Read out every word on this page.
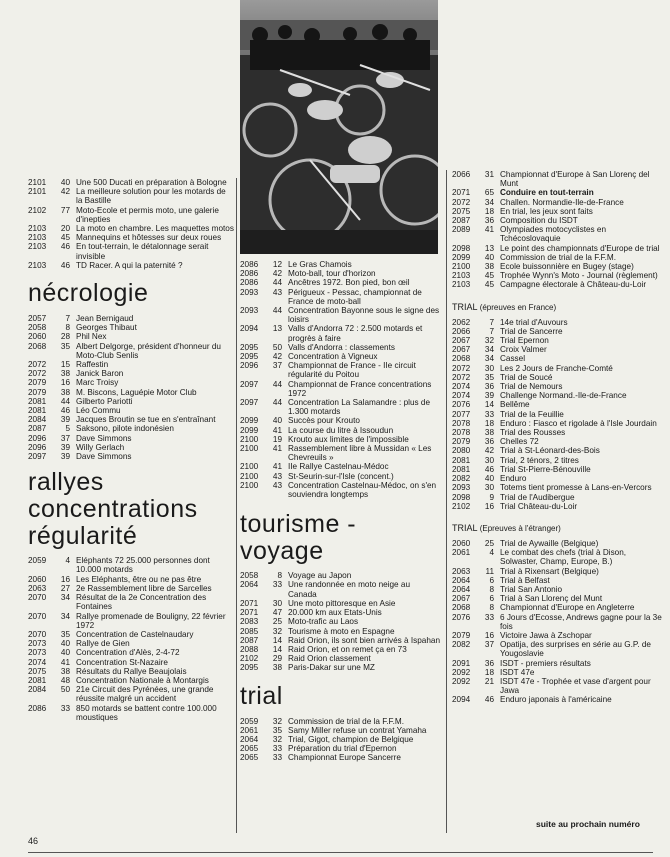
2101	40 Une 500 Ducati en préparation à Bologne
2101	42 La meilleure solution pour les motards de la Bastille
2102	77 Moto-Ecole et permis moto, une galerie d'inepties
2103	20 La moto en chambre. Les maquettes motos
2103	45 Mannequins et hôtesses sur deux roues
2103	46 En tout-terrain, le détalonnage serait invisible
2103	46 TD Racer. A qui la paternité ?
nécrologie
2057	7 Jean Bernigaud
2058	8 Georges Thibaut
2060	28 Phil Nex
2068	35 Albert Delgorge, président d'honneur du Moto-Club Senlis
2072	15 Raffestin
2072	38 Janick Baron
2079	16 Marc Troisy
2079	38 M. Biscons, Laguépie Motor Club
2081	44 Gilberto Pariotti
2081	46 Léo Commu
2084	39 Jacques Broutin se tue en s'entraînant
2087	5 Saksono, pilote indonésien
2096	37 Dave Simmons
2096	39 Willy Gerlach
2097	39 Dave Simmons
rallyes
concentrations
régularité
2059	4 Eléphants 72 25.000 personnes dont 10.000 motards
2060	16 Les Eléphants, être ou ne pas être
2063	27 2e Rassemblement libre de Sarcelles
2070	34 Résultat de la 2e Concentration des Fontaines
2070	34 Rallye promenade de Bouligny, 22 février 1972
2070	35 Concentration de Castelnaudary
2073	40 Rallye de Gien
2073	40 Concentration d'Alès, 2-4-72
2074	41 Concentration St-Nazaire
2075	38 Résultats du Rallye Beaujolais
2081	48 Concentration Nationale à Montargis
2084	50 21e Circuit des Pyrénées, une grande réussite malgré un accident
2086	33 850 motards se battent contre 100.000 moustiques
2086	12 Le Gras Chamois
2086	42 Moto-ball, tour d'horizon
2086	44 Ancêtres 1972. Bon pied, bon œil
2093	43 Périgueux - Pessac, championnat de France de moto-ball
2093	44 Concentration Bayonne sous le signe des loisirs
2094	13 Valls d'Andorra 72 : 2.500 motards et progrès à faire
2095	50 Valls d'Andorra : classements
2095	42 Concentration à Vigneux
2096	37 Championnat de France - IIe circuit régularité du Poitou
2097	44 Championnat de France concentrations 1972
2097	44 Concentration La Salamandre : plus de 1.300 motards
2099	40 Succès pour Krouto
2099	41 La course du litre à Issoudun
2100	19 Krouto aux limites de l'impossible
2100	41 Rassemblement libre à Mussidan « Les Chevreuils »
2100	41 IIe Rallye Castelnau-Médoc
2100	43 St-Seurin-sur-l'Isle (concent.)
2100	43 Concentration Castelnau-Médoc, on s'en souviendra longtemps
tourisme -
voyage
2058	8 Voyage au Japon
2064	33 Une randonnée en moto neige au Canada
2071	30 Une moto pittoresque en Asie
2071	47 20.000 km aux Etats-Unis
2083	25 Moto-trafic au Laos
2085	32 Tourisme à moto en Espagne
2087	14 Raid Orion, ils sont bien arrivés à Ispahan
2088	14 Raid Orion, et on remet ça en 73
2102	29 Raid Orion classement
2095	38 Paris-Dakar sur une MZ
trial
2059	32 Commission de trial de la F.F.M.
2061	35 Samy Miller refuse un contrat Yamaha
2064	32 Trial, Gigot, champion de Belgique
2065	33 Préparation du trial d'Epernon
2065	33 Championnat Europe Sancerre
2066	31 Championnat d'Europe à San Llorenç del Munt
2071	65 Conduire en tout-terrain
2072	34 Challen. Normandie-Ile-de-France
2075	18 En trial, les jeux sont faits
2087	36 Composition du ISDT
2089	41 Olympiades motocyclistes en Tchécoslovaquie
2098	13 Le point des championnats d'Europe de trial
2099	40 Commission de trial de la F.F.M.
2100	38 Ecole buissonnière en Bugey (stage)
2103	45 Trophée Wynn's Moto - Journal (règlement)
2103	45 Campagne électorale à Château-du-Loir
TRIAL (épreuves en France)
2062	7 14e trial d'Auvours
2066	7 Trial de Sancerre
2067	32 Trial Epernon
2067	34 Croix Valmer
2068	34 Cassel
2072	30 Les 2 Jours de Franche-Comté
2072	35 Trial de Soucé
2074	36 Trial de Nemours
2074	39 Challenge Normand.-Ile-de-France
2076	14 Bellême
2077	33 Trial de la Feuillie
2078	18 Enduro : Fiasco et rigolade à l'Isle Jourdain
2078	38 Trial des Rousses
2079	36 Chelles 72
2080	42 Trial à St-Léonard-des-Bois
2081	30 Trial, 2 ténors, 2 titres
2081	46 Trial St-Pierre-Bénouville
2082	40 Enduro
2093	30 Totems tient promesse à Lans-en-Vercors
2098	9 Trial de l'Audibergue
2102	16 Trial Château-du-Loir
TRIAL (Epreuves à l'étranger)
2060	25 Trial de Aywaille (Belgique)
2061	4 Le combat des chefs (trial à Dison, Solwaster, Champ, Europe, B.)
2063	11 Trial à Rixensart (Belgique)
2064	6 Trial à Belfast
2064	8 Trial San Antonio
2067	6 Trial à San Llorenç del Munt
2068	8 Championnat d'Europe en Angleterre
2076	33 6 Jours d'Ecosse, Andrews gagne pour la 3e fois
2079	16 Victoire Jawa à Zschopar
2082	37 Opatija, des surprises en série au G.P. de Yougoslavie
2091	36 ISDT - premiers résultats
2092	18 ISDT 47e
2092	21 ISDT 47e - Trophée et vase d'argent pour Jawa
2094	46 Enduro japonais à l'américaine
suite au prochain numéro
46
